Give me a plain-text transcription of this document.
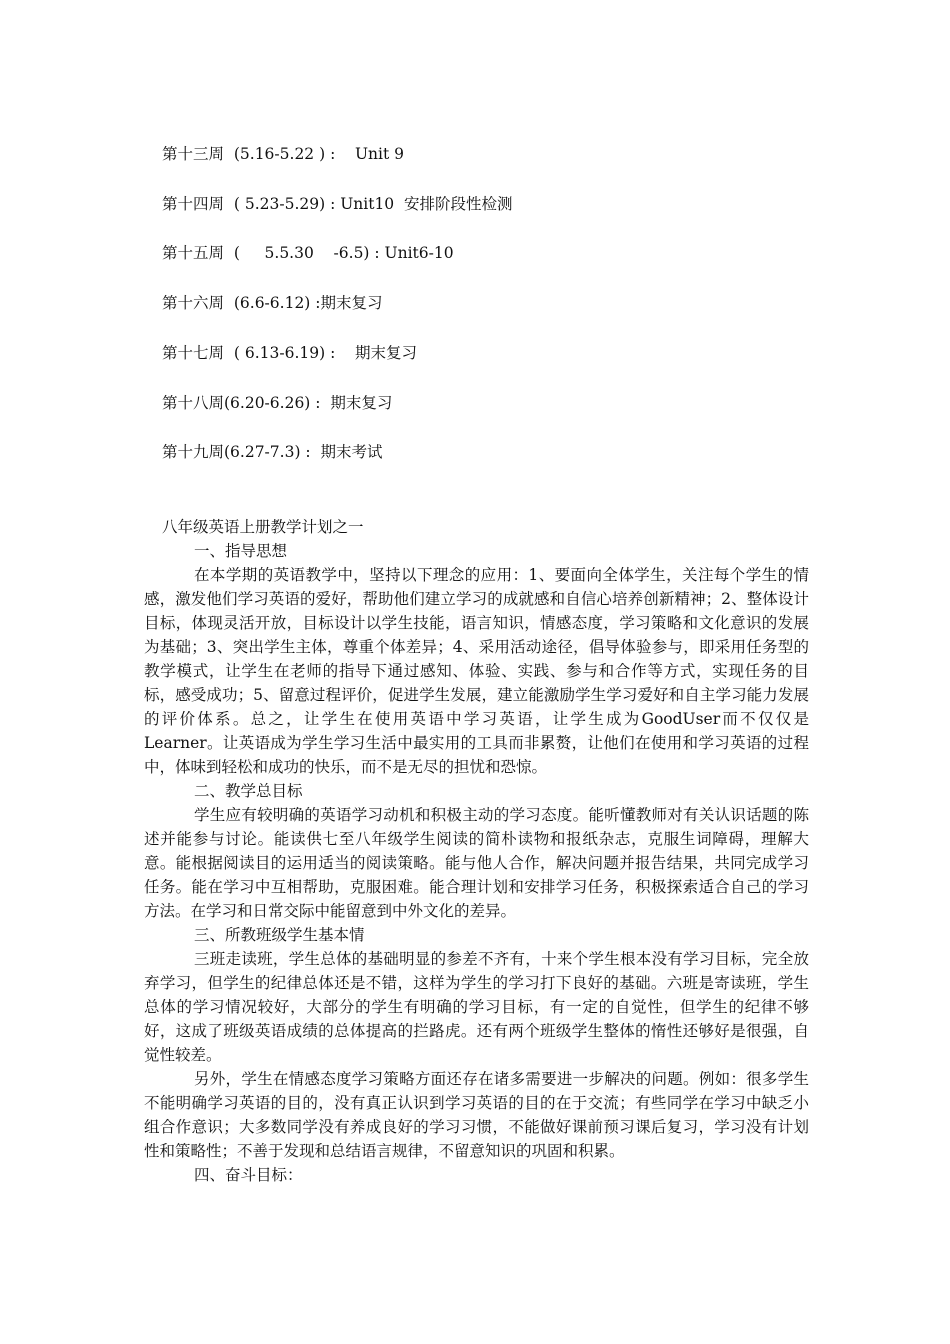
第十三周  (5.16-5.22 ) :    Unit 9
第十四周  ( 5.23-5.29) : Unit10  安排阶段性检测
第十五周  (     5.5.30    -6.5) : Unit6-10
第十六周  (6.6-6.12) :期末复习
第十七周  ( 6.13-6.19) :    期末复习
第十八周(6.20-6.26) :  期末复习
第十九周(6.27-7.3) :  期末考试
八年级英语上册教学计划之一
一、指导思想

在本学期的英语教学中，坚持以下理念的应用：1、要面向全体学生，关注每个学生的情感，激发他们学习英语的爱好，帮助他们建立学习的成就感和自信心培养创新精神；2、整体设计目标，体现灵活开放，目标设计以学生技能，语言知识，情感态度，学习策略和文化意识的发展为基础；3、突出学生主体，尊重个体差异；4、采用活动途径，倡导体验参与，即采用任务型的教学模式，让学生在老师的指导下通过感知、体验、实践、参与和合作等方式，实现任务的目标，感受成功；5、留意过程评价，促进学生发展，建立能激励学生学习爱好和自主学习能力发展的评价体系。总之，让学生在使用英语中学习英语，让学生成为GoodUser而不仅仅是Learner。让英语成为学生学习生活中最实用的工具而非累赘，让他们在使用和学习英语的过程中，体味到轻松和成功的快乐，而不是无尽的担忧和恐惊。

二、教学总目标

学生应有较明确的英语学习动机和积极主动的学习态度。能听懂教师对有关认识话题的陈述并能参与讨论。能读供七至八年级学生阅读的简朴读物和报纸杂志，克服生词障碍，理解大意。能根据阅读目的运用适当的阅读策略。能与他人合作，解决问题并报告结果，共同完成学习任务。能在学习中互相帮助，克服困难。能合理计划和安排学习任务，积极探索适合自己的学习方法。在学习和日常交际中能留意到中外文化的差异。

三、所教班级学生基本情

三班走读班，学生总体的基础明显的参差不齐有，十来个学生根本没有学习目标，完全放弃学习，但学生的纪律总体还是不错，这样为学生的学习打下良好的基础。六班是寄读班，学生总体的学习情况较好，大部分的学生有明确的学习目标，有一定的自觉性，但学生的纪律不够好，这成了班级英语成绩的总体提高的拦路虎。还有两个班级学生整体的惰性还够好是很强，自觉性较差。

另外，学生在情感态度学习策略方面还存在诸多需要进一步解决的问题。例如：很多学生不能明确学习英语的目的，没有真正认识到学习英语的目的在于交流；有些同学在学习中缺乏小组合作意识；大多数同学没有养成良好的学习习惯，不能做好课前预习课后复习，学习没有计划性和策略性；不善于发现和总结语言规律，不留意知识的巩固和积累。

四、奋斗目标：
